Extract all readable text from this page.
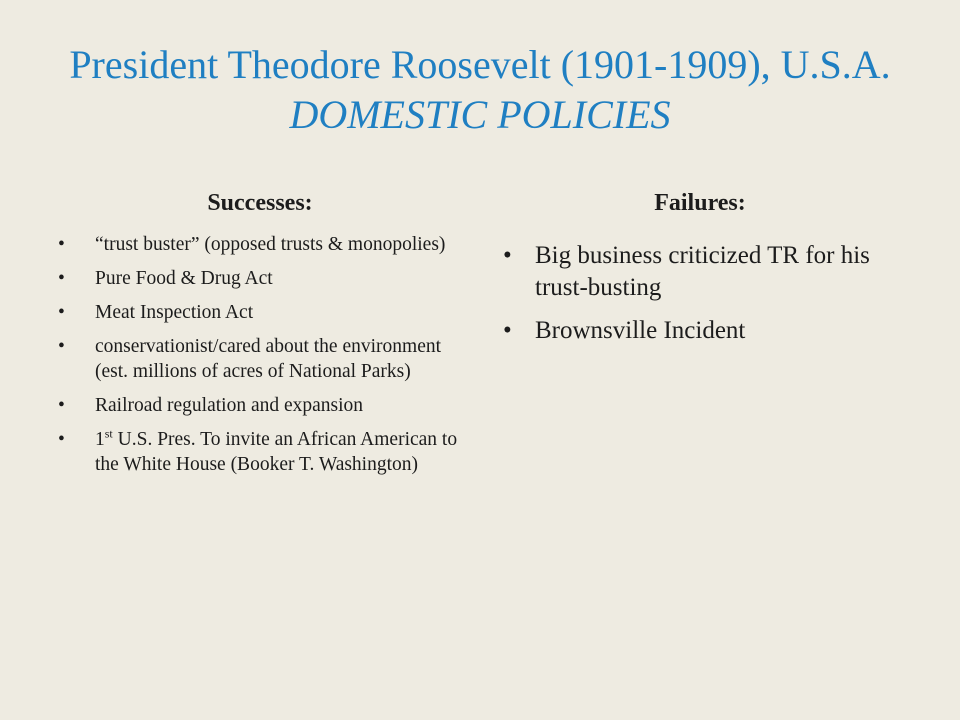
President Theodore Roosevelt (1901-1909), U.S.A.
DOMESTIC POLICIES
Successes:	Failures:
• “trust buster” (opposed trusts & monopolies)
• Pure Food & Drug Act
• Meat Inspection Act
• conservationist/cared about the environment (est. millions of acres of National Parks)
• Railroad regulation and expansion
• 1st U.S. Pres. To invite an African American to the White House (Booker T. Washington)
• Big business criticized TR for his trust-busting
• Brownsville Incident
